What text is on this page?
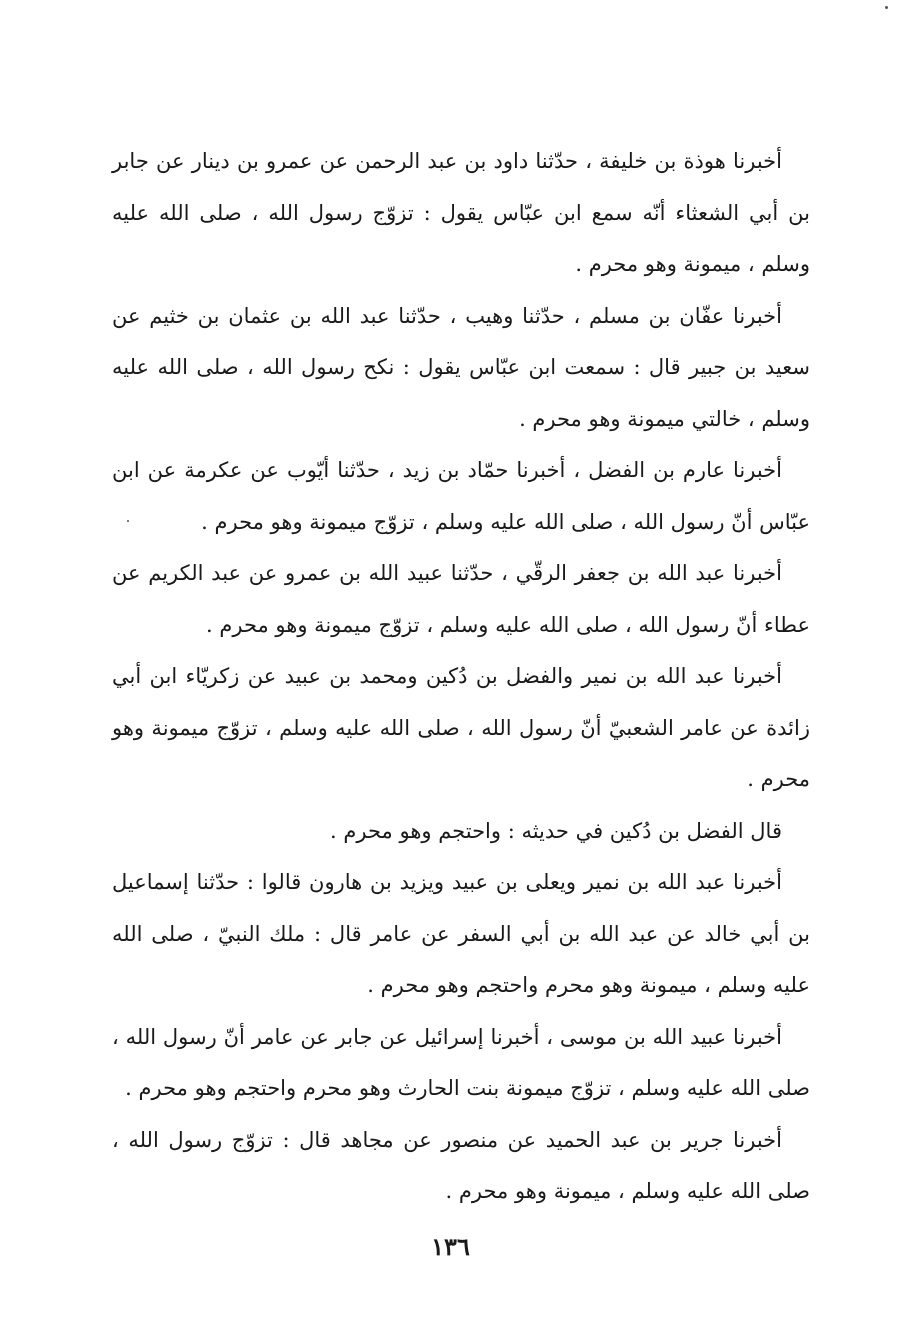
أخبرنا هوذة بن خليفة ، حدّثنا داود بن عبد الرحمن عن عمرو بن دينار عن جابر بن أبي الشعثاء أنّه سمع ابن عبّاس يقول : تزوّج رسول الله ، صلى الله عليه وسلم ، ميمونة وهو محرم .

أخبرنا عفّان بن مسلم ، حدّثنا وهيب ، حدّثنا عبد الله بن عثمان بن خثيم عن سعيد بن جبير قال : سمعت ابن عبّاس يقول : نكح رسول الله ، صلى الله عليه وسلم ، خالتي ميمونة وهو محرم .

أخبرنا عارم بن الفضل ، أخبرنا حمّاد بن زيد ، حدّثنا أيّوب عن عكرمة عن ابن عبّاس أنّ رسول الله ، صلى الله عليه وسلم ، تزوّج ميمونة وهو محرم .

أخبرنا عبد الله بن جعفر الرقّي ، حدّثنا عبيد الله بن عمرو عن عبد الكريم عن عطاء أنّ رسول الله ، صلى الله عليه وسلم ، تزوّج ميمونة وهو محرم .

أخبرنا عبد الله بن نمير والفضل بن دُكين ومحمد بن عبيد عن زكريّاء ابن أبي زائدة عن عامر الشعبيّ أنّ رسول الله ، صلى الله عليه وسلم ، تزوّج ميمونة وهو محرم .

قال الفضل بن دُكين في حديثه : واحتجم وهو محرم .

أخبرنا عبد الله بن نمير ويعلى بن عبيد ويزيد بن هارون قالوا : حدّثنا إسماعيل بن أبي خالد عن عبد الله بن أبي السفر عن عامر قال : ملك النبيّ ، صلى الله عليه وسلم ، ميمونة وهو محرم واحتجم وهو محرم .

أخبرنا عبيد الله بن موسى ، أخبرنا إسرائيل عن جابر عن عامر أنّ رسول الله ، صلى الله عليه وسلم ، تزوّج ميمونة بنت الحارث وهو محرم واحتجم وهو محرم .

أخبرنا جرير بن عبد الحميد عن منصور عن مجاهد قال : تزوّج رسول الله ، صلى الله عليه وسلم ، ميمونة وهو محرم .

١٣٦
